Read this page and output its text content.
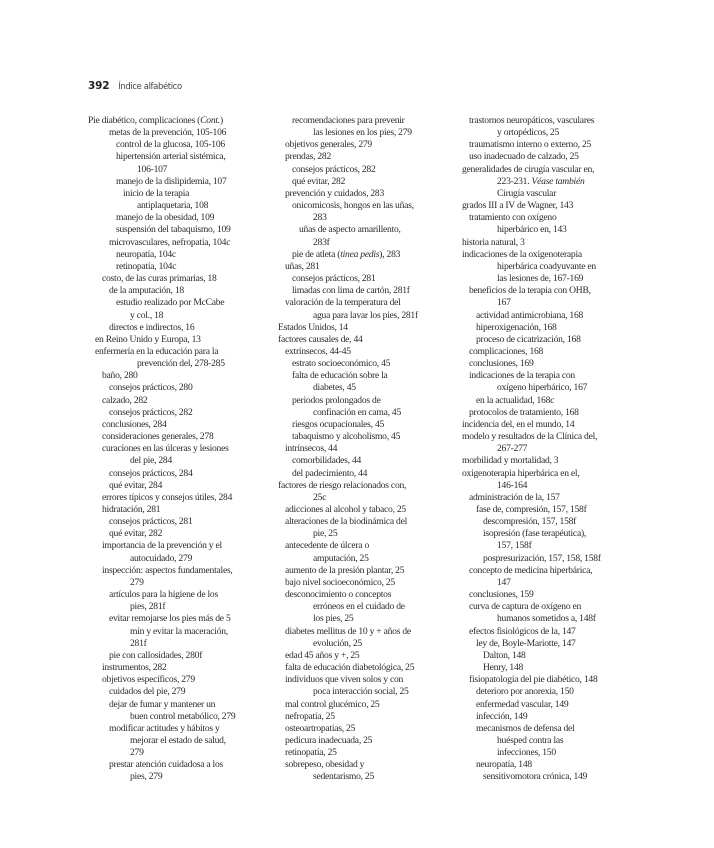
392 Índice alfabético
Pie diabético, complicaciones (Cont.)
metas de la prevención, 105-106
control de la glucosa, 105-106
hipertensión arterial sistémica,
106-107
manejo de la dislipidemia, 107
inicio de la terapia
antiplaquetaria, 108
manejo de la obesidad, 109
suspensión del tabaquismo, 109
microvasculares, nefropatía, 104c
neuropatía, 104c
retinopatía, 104c
costo, de las curas primarias, 18
de la amputación, 18
estudio realizado por McCabe
y col., 18
directos e indirectos, 16
en Reino Unido y Europa, 13
enfermería en la educación para la
prevención del, 278-285
baño, 280
consejos prácticos, 280
calzado, 282
consejos prácticos, 282
conclusiones, 284
consideraciones generales, 278
curaciones en las úlceras y lesiones
del pie, 284
consejos prácticos, 284
qué evitar, 284
errores típicos y consejos útiles, 284
hidratación, 281
consejos prácticos, 281
qué evitar, 282
importancia de la prevención y el
autocuidado, 279
inspección: aspectos fundamentales,
279
artículos para la higiene de los
pies, 281f
evitar remojarse los pies más de 5
min y evitar la maceración,
281f
pie con callosidades, 280f
instrumentos, 282
objetivos específicos, 279
cuidados del pie, 279
dejar de fumar y mantener un
buen control metabólico, 279
modificar actitudes y hábitos y
mejorar el estado de salud,
279
prestar atención cuidadosa a los
pies, 279
recomendaciones para prevenir
las lesiones en los pies, 279
objetivos generales, 279
prendas, 282
consejos prácticos, 282
qué evitar, 282
prevención y cuidados, 283
onicomicosis, hongos en las uñas,
283
uñas de aspecto amarillento,
283f
pie de atleta (tinea pedis), 283
uñas, 281
consejos prácticos, 281
limadas con lima de cartón, 281f
valoración de la temperatura del
agua para lavar los pies, 281f
Estados Unidos, 14
factores causales de, 44
extrínsecos, 44-45
estrato socioeconómico, 45
falta de educación sobre la
diabetes, 45
periodos prolongados de
confinación en cama, 45
riesgos ocupacionales, 45
tabaquismo y alcoholismo, 45
intrínsecos, 44
comorbilidades, 44
del padecimiento, 44
factores de riesgo relacionados con,
25c
adicciones al alcohol y tabaco, 25
alteraciones de la biodinámica del
pie, 25
antecedente de úlcera o
amputación, 25
aumento de la presión plantar, 25
bajo nivel socioeconómico, 25
desconocimiento o conceptos
erróneos en el cuidado de
los pies, 25
diabetes mellitus de 10 y + años de
evolución, 25
edad 45 años y +, 25
falta de educación diabetológica, 25
individuos que viven solos y con
poca interacción social, 25
mal control glucémico, 25
nefropatía, 25
osteoartropatías, 25
pedicura inadecuada, 25
retinopatía, 25
sobrepeso, obesidad y
sedentarismo, 25
trastornos neuropáticos, vasculares
y ortopédicos, 25
traumatismo interno o externo, 25
uso inadecuado de calzado, 25
generalidades de cirugía vascular en,
223-231. Véase también
Cirugía vascular
grados III a IV de Wagner, 143
tratamiento con oxígeno
hiperbárico en, 143
historia natural, 3
indicaciones de la oxigenoterapia
hiperbárica coadyuvante en
las lesiones de, 167-169
beneficios de la terapia con OHB,
167
actividad antimicrobiana, 168
hiperoxigenación, 168
proceso de cicatrización, 168
complicaciones, 168
conclusiones, 169
indicaciones de la terapia con
oxígeno hiperbárico, 167
en la actualidad, 168c
protocolos de tratamiento, 168
incidencia del, en el mundo, 14
modelo y resultados de la Clínica del,
267-277
morbilidad y mortalidad, 3
oxigenoterapia hiperbárica en el,
146-164
administración de la, 157
fase de, compresión, 157, 158f
descompresión, 157, 158f
isopresión (fase terapéutica),
157, 158f
pospresurización, 157, 158, 158f
concepto de medicina hiperbárica,
147
conclusiones, 159
curva de captura de oxígeno en
humanos sometidos a, 148f
efectos fisiológicos de la, 147
ley de, Boyle-Mariotte, 147
Dalton, 148
Henry, 148
fisiopatología del pie diabético, 148
deterioro por anorexia, 150
enfermedad vascular, 149
infección, 149
mecanismos de defensa del
huésped contra las
infecciones, 150
neuropatía, 148
sensitivomotora crónica, 149
